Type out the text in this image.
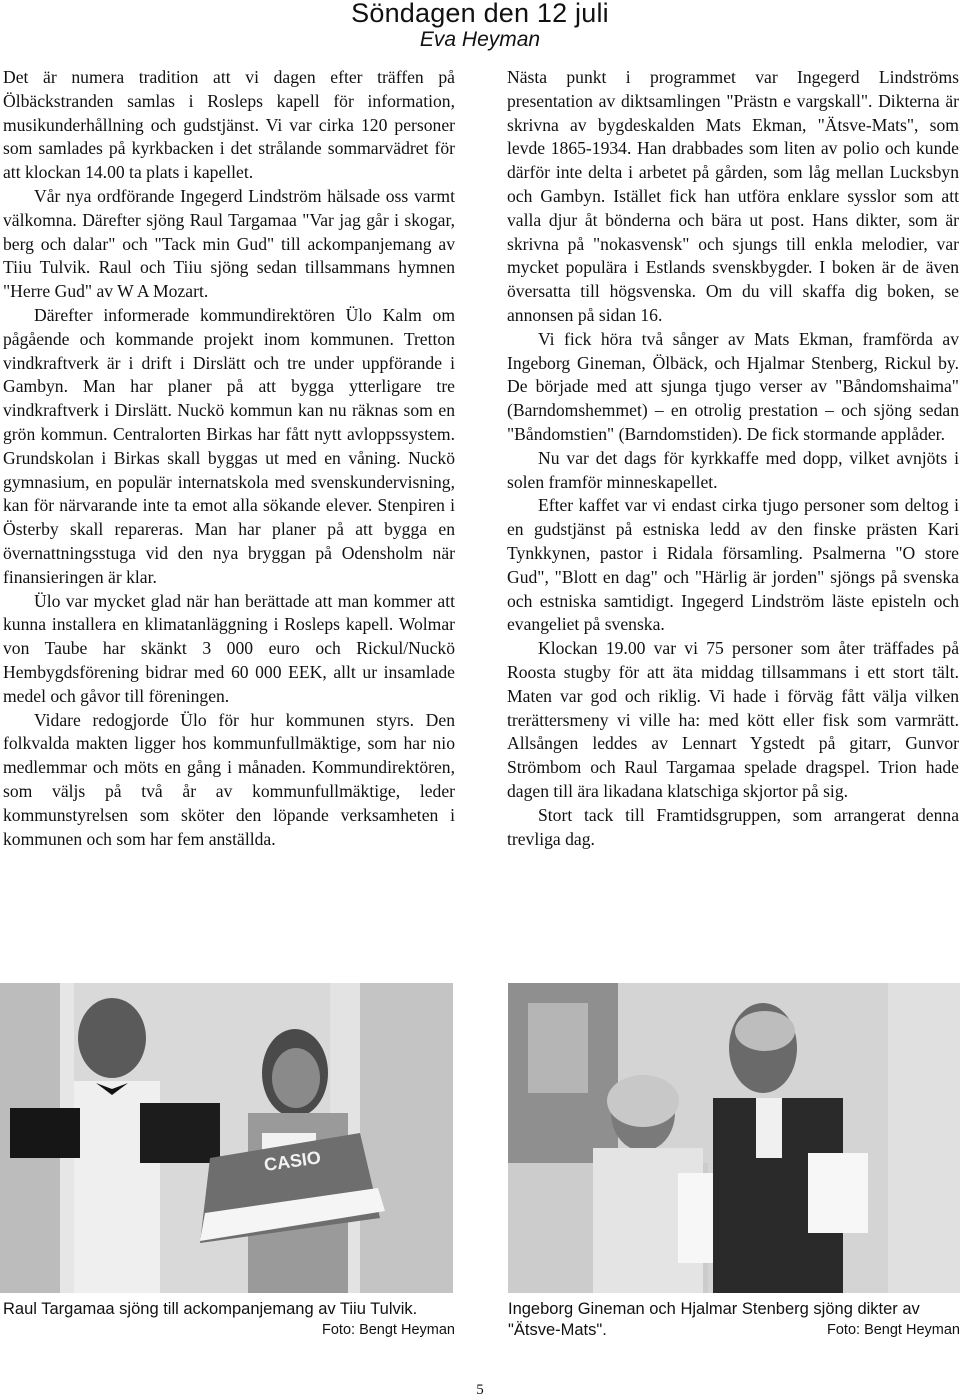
Söndagen den 12 juli
Eva Heyman

Det är numera tradition att vi dagen efter träffen på Ölbäckstranden samlas i Rosleps kapell för information, musikunderhållning och gudstjänst. Vi var cirka 120 personer som samlades på kyrkbacken i det strålande sommarvädret för att klockan 14.00 ta plats i kapellet.

Vår nya ordförande Ingegerd Lindström hälsade oss varmt välkomna. Därefter sjöng Raul Targamaa "Var jag går i skogar, berg och dalar" och "Tack min Gud" till ackompanjemang av Tiiu Tulvik. Raul och Tiiu sjöng sedan tillsammans hymnen "Herre Gud" av W A Mozart.

Därefter informerade kommundirektören Ülo Kalm om pågående och kommande projekt inom kommunen. Tretton vindkraftverk är i drift i Dirslätt och tre under uppförande i Gambyn. Man har planer på att bygga ytterligare tre vindkraftverk i Dirslätt. Nuckö kommun kan nu räknas som en grön kommun. Centralorten Birkas har fått nytt avloppssystem. Grundskolan i Birkas skall byggas ut med en våning. Nuckö gymnasium, en populär internatskola med svenskundervisning, kan för närvarande inte ta emot alla sökande elever. Stenpiren i Österby skall repareras. Man har planer på att bygga en övernattningsstuga vid den nya bryggan på Odensholm när finansieringen är klar.

Ülo var mycket glad när han berättade att man kommer att kunna installera en klimatanläggning i Rosleps kapell. Wolmar von Taube har skänkt 3 000 euro och Rickul/Nuckö Hembygdsförening bidrar med 60 000 EEK, allt ur insamlade medel och gåvor till föreningen.

Vidare redogjorde Ülo för hur kommunen styrs. Den folkvalda makten ligger hos kommunfullmäktige, som har nio medlemmar och möts en gång i månaden. Kommundirektören, som väljs på två år av kommunfullmäktige, leder kommunstyrelsen som sköter den löpande verksamheten i kommunen och som har fem anställda.

Nästa punkt i programmet var Ingegerd Lindströms presentation av diktsamlingen "Prästn e vargskall". Dikterna är skrivna av bygdeskalden Mats Ekman, "Ätsve-Mats", som levde 1865-1934. Han drabbades som liten av polio och kunde därför inte delta i arbetet på gården, som låg mellan Lucksbyn och Gambyn. Istället fick han utföra enklare sysslor som att valla djur åt bönderna och bära ut post. Hans dikter, som är skrivna på "nokasvensk" och sjungs till enkla melodier, var mycket populära i Estlands svenskbygder. I boken är de även översatta till högsvenska. Om du vill skaffa dig boken, se annonsen på sidan 16.

Vi fick höra två sånger av Mats Ekman, framförda av Ingeborg Gineman, Ölbäck, och Hjalmar Stenberg, Rickul by. De började med att sjunga tjugo verser av "Båndomshaima" (Barndomshemmet) – en otrolig prestation – och sjöng sedan "Båndomstien" (Barndomstiden). De fick stormande applåder.

Nu var det dags för kyrkkaffe med dopp, vilket avnjöts i solen framför minneskapellet.

Efter kaffet var vi endast cirka tjugo personer som deltog i en gudstjänst på estniska ledd av den finske prästen Kari Tynkkynen, pastor i Ridala församling. Psalmerna "O store Gud", "Blott en dag" och "Härlig är jorden" sjöngs på svenska och estniska samtidigt. Ingegerd Lindström läste episteln och evangeliet på svenska.

Klockan 19.00 var vi 75 personer som åter träffades på Roosta stugby för att äta middag tillsammans i ett stort tält. Maten var god och riklig. Vi hade i förväg fått välja vilken trerättersmeny vi ville ha: med kött eller fisk som varmrätt. Allsången leddes av Lennart Ygstedt på gitarr, Gunvor Strömbom och Raul Targamaa spelade dragspel. Trion hade dagen till ära likadana klatschiga skjortor på sig.

Stort tack till Framtidsgruppen, som arrangerat denna trevliga dag.

CASIO
Raul Targamaa sjöng till ackompanjemang av Tiiu Tulvik.
Foto: Bengt Heyman
Ingeborg Gineman och Hjalmar Stenberg sjöng dikter av "Ätsve-Mats".	Foto: Bengt Heyman
5
